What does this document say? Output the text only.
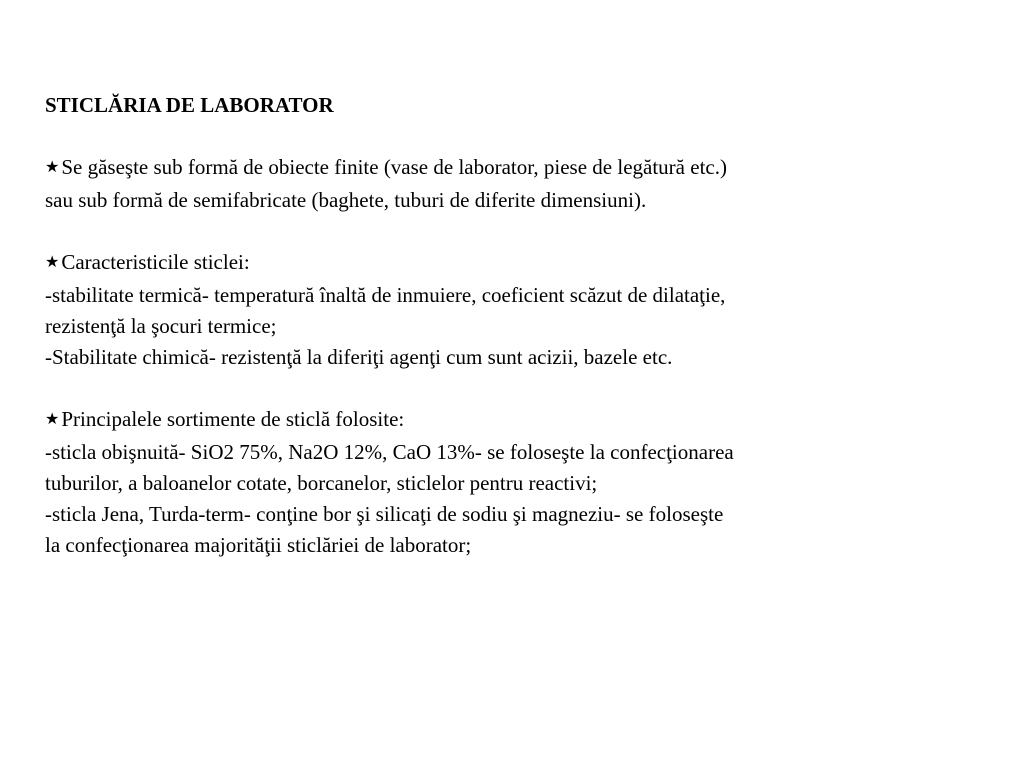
STICLĂRIA DE LABORATOR

★Se găseşte sub formă de obiecte finite (vase de laborator, piese de legătură etc.)

sau sub formă de semifabricate (baghete, tuburi de diferite dimensiuni).

★Caracteristicile sticlei:

-stabilitate termică- temperatură înaltă de inmuiere, coeficient scăzut de dilataţie,

rezistenţă la şocuri termice;

-Stabilitate chimică- rezistenţă la diferiţi agenţi cum sunt acizii, bazele etc.

★Principalele sortimente de sticlă folosite:

-sticla obişnuită- SiO2 75%, Na2O 12%, CaO 13%- se foloseşte la confecţionarea

tuburilor, a baloanelor cotate, borcanelor, sticlelor pentru reactivi;

-sticla Jena, Turda-term- conţine bor şi silicaţi de sodiu şi magneziu- se foloseşte

la confecţionarea majorităţii sticlăriei de laborator;
